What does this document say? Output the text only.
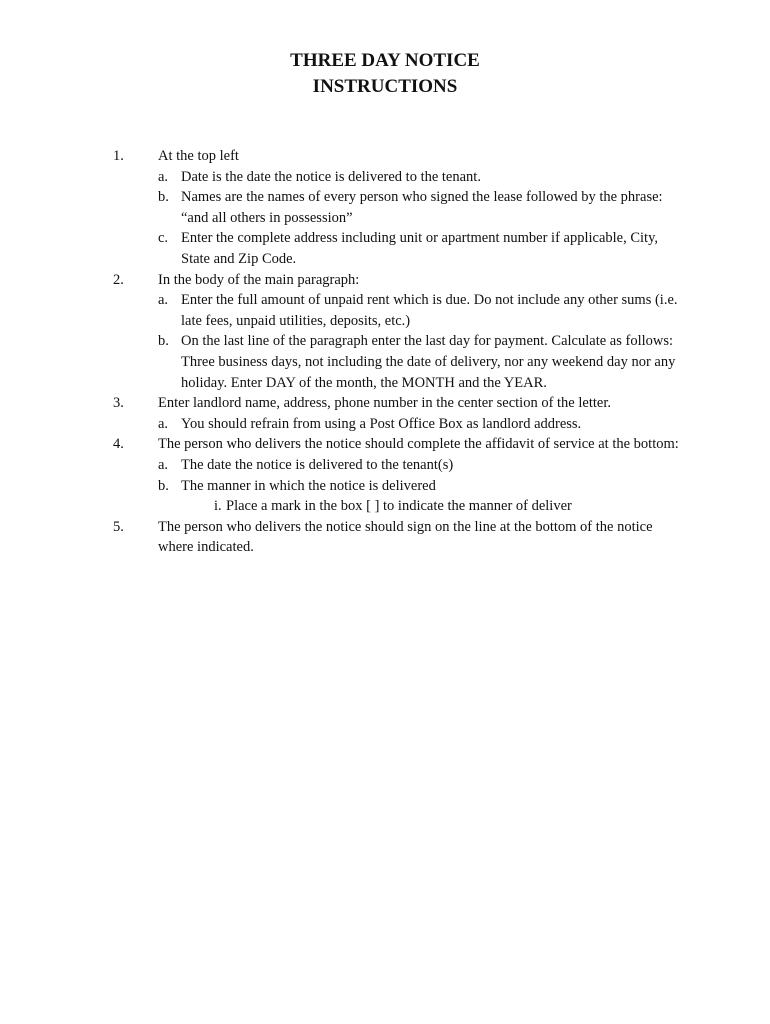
THREE DAY NOTICE
INSTRUCTIONS
1. At the top left
a. Date is the date the notice is delivered to the tenant.
b. Names are the names of every person who signed the lease followed by the phrase: “and all others in possession”
c. Enter the complete address including unit or apartment number if applicable, City, State and Zip Code.
2. In the body of the main paragraph:
a. Enter the full amount of unpaid rent which is due. Do not include any other sums (i.e. late fees, unpaid utilities, deposits, etc.)
b. On the last line of the paragraph enter the last day for payment. Calculate as follows: Three business days, not including the date of delivery, nor any weekend day nor any holiday. Enter DAY of the month, the MONTH and the YEAR.
3. Enter landlord name, address, phone number in the center section of the letter.
a. You should refrain from using a Post Office Box as landlord address.
4. The person who delivers the notice should complete the affidavit of service at the bottom:
a. The date the notice is delivered to the tenant(s)
b. The manner in which the notice is delivered
i. Place a mark in the box [ ] to indicate the manner of deliver
5. The person who delivers the notice should sign on the line at the bottom of the notice where indicated.
